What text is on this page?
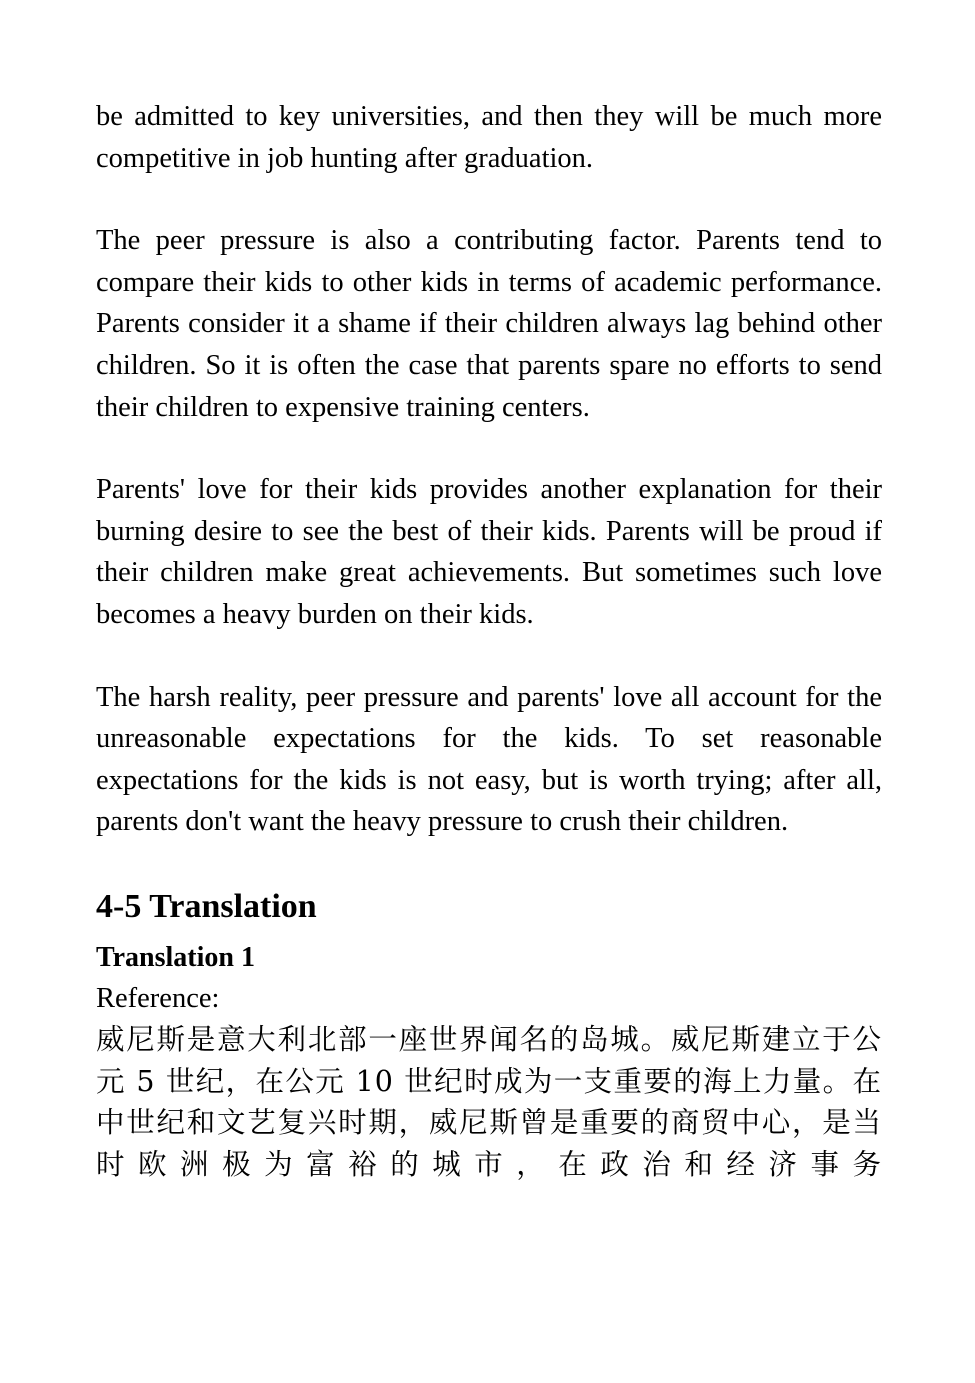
be admitted to key universities, and then they will be much more competitive in job hunting after graduation.

The peer pressure is also a contributing factor. Parents tend to compare their kids to other kids in terms of academic performance. Parents consider it a shame if their children always lag behind other children. So it is often the case that parents spare no efforts to send their children to expensive training centers.

Parents' love for their kids provides another explanation for their burning desire to see the best of their kids. Parents will be proud if their children make great achievements. But sometimes such love becomes a heavy burden on their kids.

The harsh reality, peer pressure and parents' love all account for the unreasonable expectations for the kids. To set reasonable expectations for the kids is not easy, but is worth trying; after all, parents don't want the heavy pressure to crush their children.

4-5 Translation
Translation 1

Reference:

威尼斯是意大利北部一座世界闻名的岛城。威尼斯建立于公元 5 世纪，在公元 10 世纪时成为一支重要的海上力量。在中世纪和文艺复兴时期，威尼斯曾是重要的商贸中心，是当时欧洲极为富裕的城市，在政治和经济事务
